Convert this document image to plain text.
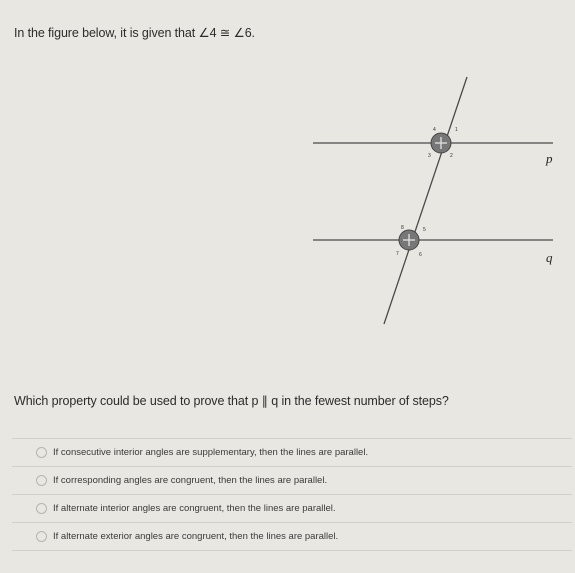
In the figure below, it is given that ∠4 ≅ ∠6.
4	1
3	2
8	5
7	6
p
q
Which property could be used to prove that p ∥ q in the fewest number of steps?
If consecutive interior angles are supplementary, then the lines are parallel.
If corresponding angles are congruent, then the lines are parallel.
If alternate interior angles are congruent, then the lines are parallel.
If alternate exterior angles are congruent, then the lines are parallel.
